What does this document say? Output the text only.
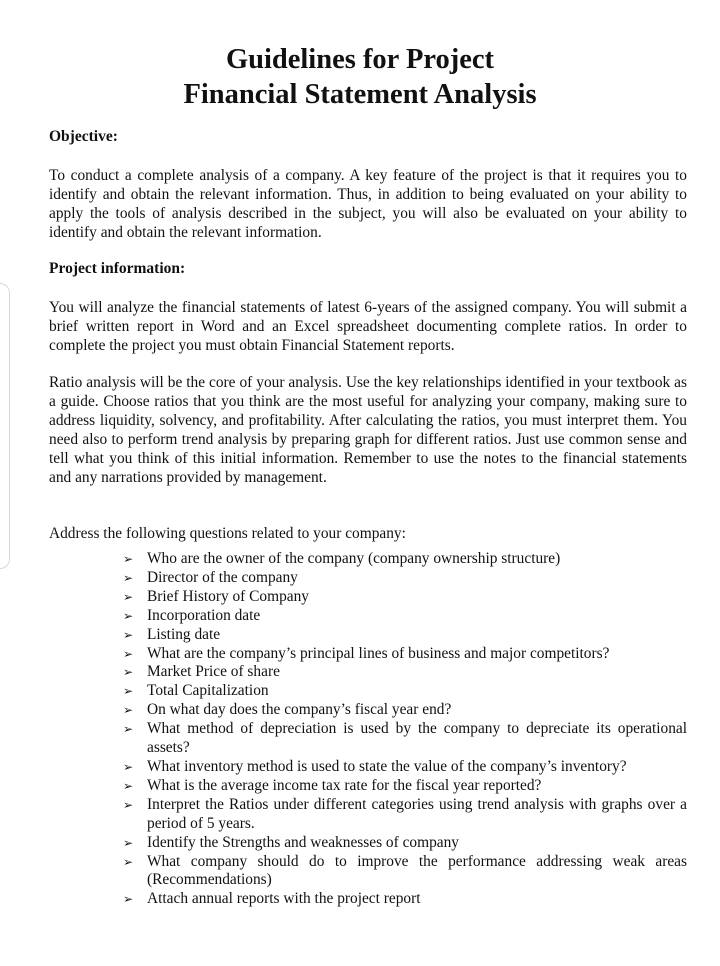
Guidelines for Project
Financial Statement Analysis
Objective:
To conduct a complete analysis of a company. A key feature of the project is that it requires you to identify and obtain the relevant information. Thus, in addition to being evaluated on your ability to apply the tools of analysis described in the subject, you will also be evaluated on your ability to identify and obtain the relevant information.
Project information:
You will analyze the financial statements of latest 6-years of the assigned company. You will submit a brief written report in Word and an Excel spreadsheet documenting complete ratios. In order to complete the project you must obtain Financial Statement reports.
Ratio analysis will be the core of your analysis. Use the key relationships identified in your textbook as a guide. Choose ratios that you think are the most useful for analyzing your company, making sure to address liquidity, solvency, and profitability. After calculating the ratios, you must interpret them. You need also to perform trend analysis by preparing graph for different ratios. Just use common sense and tell what you think of this initial information. Remember to use the notes to the financial statements and any narrations provided by management.
Address the following questions related to your company:
➢ Who are the owner of the company (company ownership structure)
➢ Director of the company
➢ Brief History of Company
➢ Incorporation date
➢ Listing date
➢ What are the company’s principal lines of business and major competitors?
➢ Market Price of share
➢ Total Capitalization
➢ On what day does the company’s fiscal year end?
➢ What method of depreciation is used by the company to depreciate its operational assets?
➢ What inventory method is used to state the value of the company’s inventory?
➢ What is the average income tax rate for the fiscal year reported?
➢ Interpret the Ratios under different categories using trend analysis with graphs over a period of 5 years.
➢ Identify the Strengths and weaknesses of company
➢ What company should do to improve the performance addressing weak areas (Recommendations)
➢ Attach annual reports with the project report
